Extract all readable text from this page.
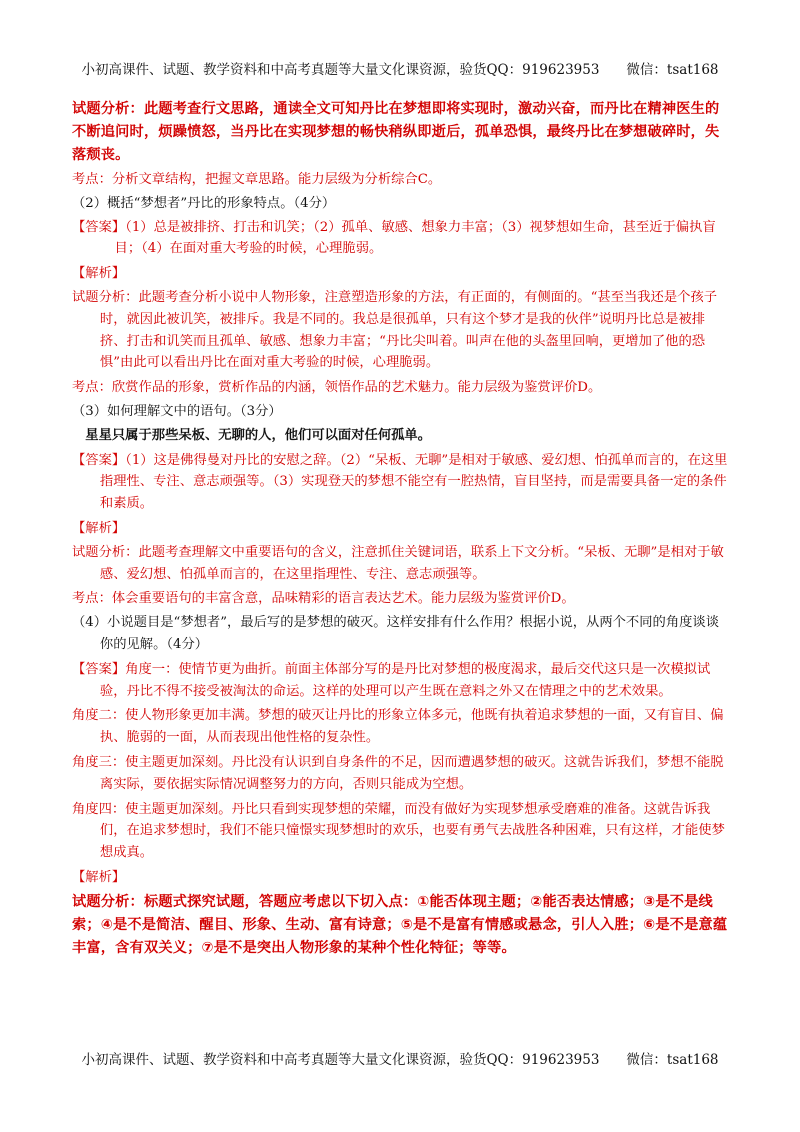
小初高课件、试题、教学资料和中高考真题等大量文化课资源，验货QQ：919623953　　微信：tsat168

试题分析：此题考查行文思路，通读全文可知丹比在梦想即将实现时，激动兴奋，而丹比在精神医生的不断追问时，烦躁愤怒，当丹比在实现梦想的畅快稍纵即逝后，孤单恐惧，最终丹比在梦想破碎时，失落颓丧。

考点：分析文章结构，把握文章思路。能力层级为分析综合C。

（2）概括“梦想者”丹比的形象特点。（4分）

【答案】（1）总是被排挤、打击和讥笑；（2）孤单、敏感、想象力丰富；（3）视梦想如生命，甚至近于偏执盲目；（4）在面对重大考验的时候，心理脆弱。

【解析】

试题分析：此题考查分析小说中人物形象，注意塑造形象的方法，有正面的，有侧面的。“甚至当我还是个孩子时，就因此被讥笑，被排斥。我是不同的。我总是很孤单，只有这个梦才是我的伙伴”说明丹比总是被排挤、打击和讥笑而且孤单、敏感、想象力丰富；“丹比尖叫着。叫声在他的头盔里回响，更增加了他的恐惧”由此可以看出丹比在面对重大考验的时候，心理脆弱。

考点：欣赏作品的形象，赏析作品的内涵，领悟作品的艺术魅力。能力层级为鉴赏评价D。

（3）如何理解文中的语句。（3分）

星星只属于那些呆板、无聊的人，他们可以面对任何孤单。

【答案】（1）这是佛得曼对丹比的安慰之辞。（2）“呆板、无聊”是相对于敏感、爱幻想、怕孤单而言的，在这里指理性、专注、意志顽强等。（3）实现登天的梦想不能空有一腔热情，盲目坚持，而是需要具备一定的条件和素质。

【解析】

试题分析：此题考查理解文中重要语句的含义，注意抓住关键词语，联系上下文分析。“呆板、无聊”是相对于敏感、爱幻想、怕孤单而言的，在这里指理性、专注、意志顽强等。

考点：体会重要语句的丰富含意，品味精彩的语言表达艺术。能力层级为鉴赏评价D。

（4）小说题目是“梦想者”，最后写的是梦想的破灭。这样安排有什么作用？根据小说，从两个不同的角度谈谈你的见解。（4分）

【答案】角度一：使情节更为曲折。前面主体部分写的是丹比对梦想的极度渴求，最后交代这只是一次模拟试验，丹比不得不接受被淘汰的命运。这样的处理可以产生既在意料之外又在情理之中的艺术效果。

角度二：使人物形象更加丰满。梦想的破灭让丹比的形象立体多元，他既有执着追求梦想的一面，又有盲目、偏执、脆弱的一面，从而表现出他性格的复杂性。

角度三：使主题更加深刻。丹比没有认识到自身条件的不足，因而遭遇梦想的破灭。这就告诉我们，梦想不能脱离实际，要依据实际情况调整努力的方向，否则只能成为空想。

角度四：使主题更加深刻。丹比只看到实现梦想的荣耀，而没有做好为实现梦想承受磨难的准备。这就告诉我们，在追求梦想时，我们不能只憧憬实现梦想时的欢乐，也要有勇气去战胜各种困难，只有这样，才能使梦想成真。

【解析】

试题分析：标题式探究试题，答题应考虑以下切入点：①能否体现主题；②能否表达情感；③是不是线索；④是不是简洁、醒目、形象、生动、富有诗意；⑤是不是富有情感或悬念，引人入胜；⑥是不是意蕴丰富，含有双关义；⑦是不是突出人物形象的某种个性化特征；等等。

小初高课件、试题、教学资料和中高考真题等大量文化课资源，验货QQ：919623953　　微信：tsat168
